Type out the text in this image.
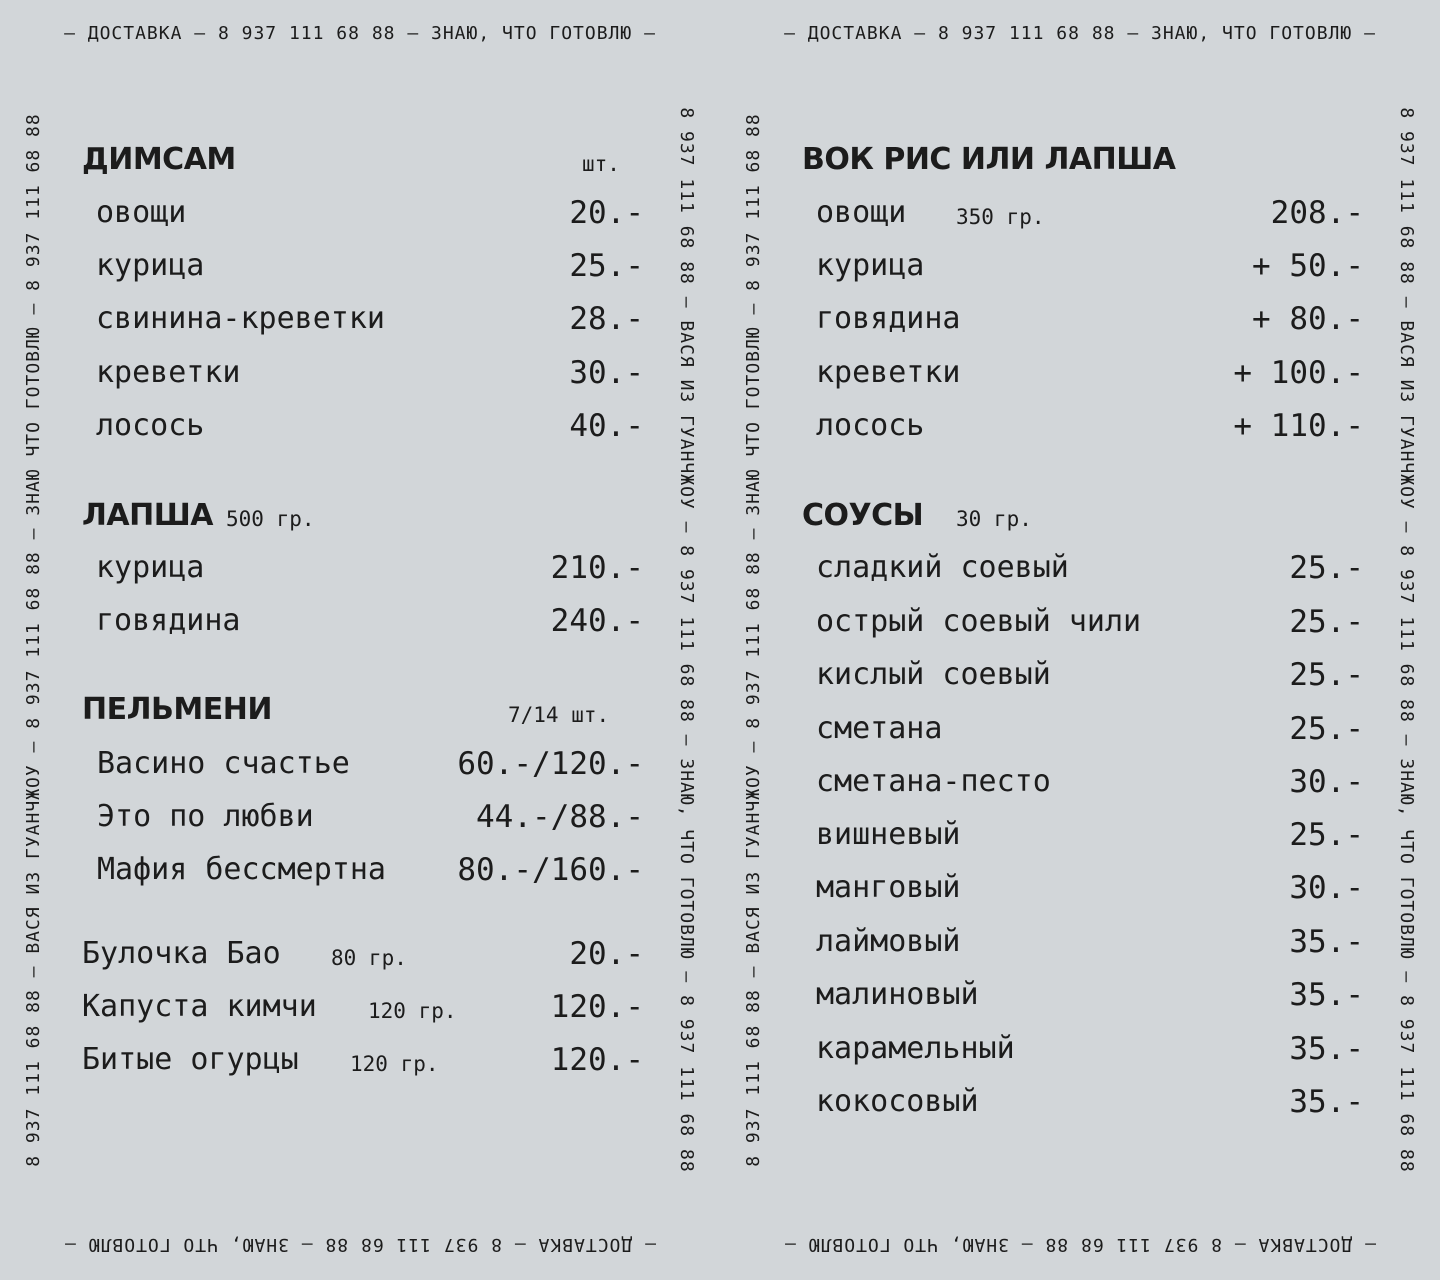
— ДОСТАВКА — 8 937 111 68 88 — ЗНАЮ, ЧТО ГОТОВЛЮ —
8 937 111 68 88 — ВАСЯ ИЗ ГУАНЧЖОУ — 8 937 111 68 88 — ЗНАЮ ЧТО ГОТОВЛЮ — 8 937 111 68 88	8 937 111 68 88 — ВАСЯ ИЗ ГУАНЧЖОУ — 8 937 111 68 88 — ЗНАЮ, ЧТО ГОТОВЛЮ — 8 937 111 68 88
— ДОСТАВКА — 8 937 111 68 88 — ЗНАЮ, ЧТО ГОТОВЛЮ —
ДИМСАМ	шт.
овощи	20.-
курица	25.-
свинина-креветки	28.-
креветки	30.-
лосось	40.-
ЛАПША 500 гр.
курица	210.-
говядина	240.-
ПЕЛЬМЕНИ	7/14 шт.
Васино счастье	60.-/120.-
Это по любви	44.-/88.-
Мафия бессмертна 80.-/160.-
Булочка Бао 80 гр.	20.-
Капуста кимчи 120 гр.	120.-
Битые огурцы 120 гр.	120.-
— ДОСТАВКА — 8 937 111 68 88 — ЗНАЮ, ЧТО ГОТОВЛЮ —
8 937 111 68 88 — ВАСЯ ИЗ ГУАНЧЖОУ — 8 937 111 68 88 — ЗНАЮ ЧТО ГОТОВЛЮ — 8 937 111 68 88	8 937 111 68 88 — ВАСЯ ИЗ ГУАНЧЖОУ — 8 937 111 68 88 — ЗНАЮ, ЧТО ГОТОВЛЮ — 8 937 111 68 88
— ДОСТАВКА — 8 937 111 68 88 — ЗНАЮ, ЧТО ГОТОВЛЮ —
ВОК РИС ИЛИ ЛАПША
овощи 350 гр.	208.-
курица	+ 50.-
говядина	+ 80.-
креветки	+ 100.-
лосось	+ 110.-
СОУСЫ 30 гр.
сладкий соевый	25.-
острый соевый чили	25.-
кислый соевый	25.-
сметана	25.-
сметана-песто	30.-
вишневый	25.-
манговый	30.-
лаймовый	35.-
малиновый	35.-
карамельный	35.-
кокосовый	35.-
